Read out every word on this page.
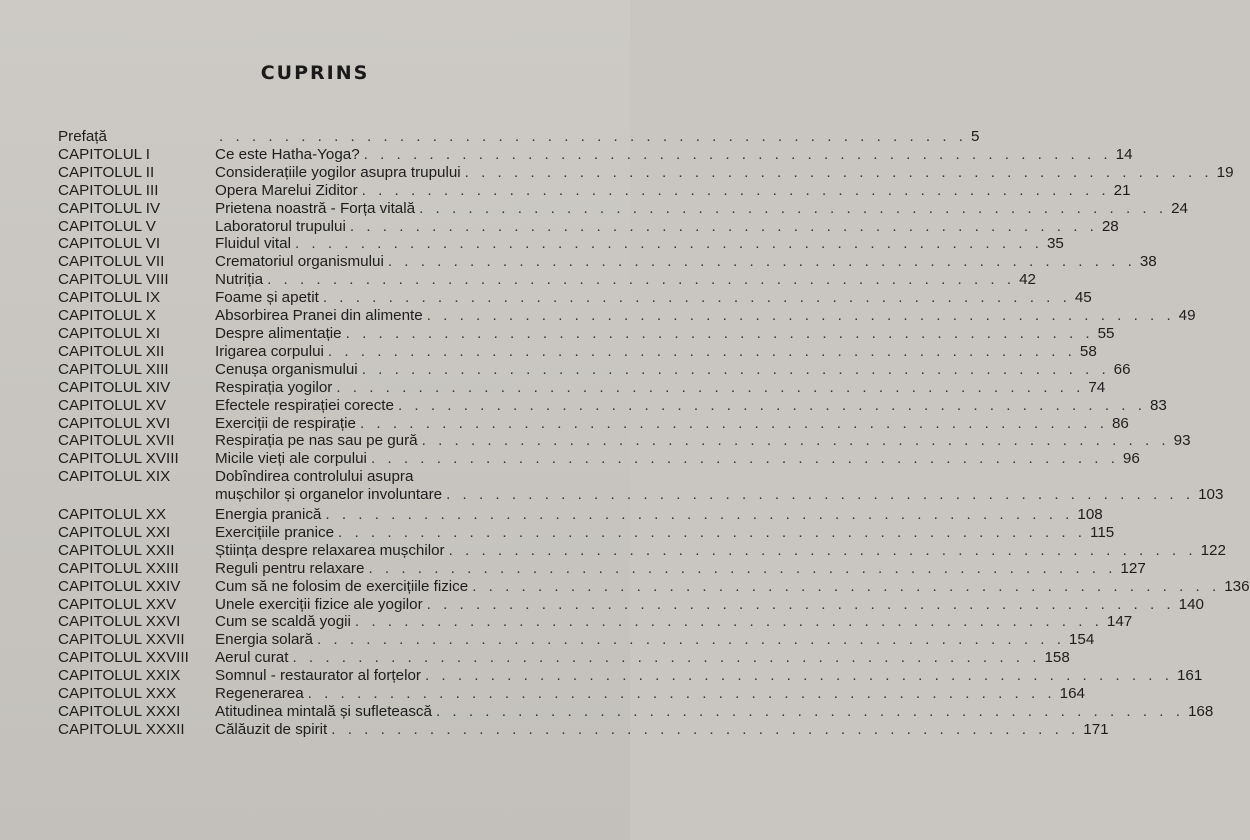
CUPRINS
Prefață	. . . . . . . . . . . . . . . . . . . . . . . . . . . . . . . . . . . . . . . . . . . . . . 5
CAPITOLUL I	Ce este Hatha-Yoga? . . . . . . . . . . . . . . . . . . . . . . . . . . . . . . . . . . . . . . . . . . . . . . 14
CAPITOLUL II	Considerațiile yogilor asupra trupului . . . . . . . . . . . . . . . . . . . . . . . . . . . . . . . . . . . . . . . . . . . . . . 19
CAPITOLUL III	Opera Marelui Ziditor . . . . . . . . . . . . . . . . . . . . . . . . . . . . . . . . . . . . . . . . . . . . . . 21
CAPITOLUL IV	Prietena noastră - Forța vitală . . . . . . . . . . . . . . . . . . . . . . . . . . . . . . . . . . . . . . . . . . . . . . 24
CAPITOLUL V	Laboratorul trupului . . . . . . . . . . . . . . . . . . . . . . . . . . . . . . . . . . . . . . . . . . . . . . 28
CAPITOLUL VI	Fluidul vital . . . . . . . . . . . . . . . . . . . . . . . . . . . . . . . . . . . . . . . . . . . . . . 35
CAPITOLUL VII	Crematoriul organismului . . . . . . . . . . . . . . . . . . . . . . . . . . . . . . . . . . . . . . . . . . . . . . 38
CAPITOLUL VIII	Nutriția . . . . . . . . . . . . . . . . . . . . . . . . . . . . . . . . . . . . . . . . . . . . . . 42
CAPITOLUL IX	Foame și apetit . . . . . . . . . . . . . . . . . . . . . . . . . . . . . . . . . . . . . . . . . . . . . . 45
CAPITOLUL X	Absorbirea Pranei din alimente . . . . . . . . . . . . . . . . . . . . . . . . . . . . . . . . . . . . . . . . . . . . . . 49
CAPITOLUL XI	Despre alimentație . . . . . . . . . . . . . . . . . . . . . . . . . . . . . . . . . . . . . . . . . . . . . . 55
CAPITOLUL XII	Irigarea corpului . . . . . . . . . . . . . . . . . . . . . . . . . . . . . . . . . . . . . . . . . . . . . . 58
CAPITOLUL XIII	Cenușa organismului . . . . . . . . . . . . . . . . . . . . . . . . . . . . . . . . . . . . . . . . . . . . . . 66
CAPITOLUL XIV	Respirația yogilor . . . . . . . . . . . . . . . . . . . . . . . . . . . . . . . . . . . . . . . . . . . . . . 74
CAPITOLUL XV	Efectele respirației corecte . . . . . . . . . . . . . . . . . . . . . . . . . . . . . . . . . . . . . . . . . . . . . . 83
CAPITOLUL XVI	Exerciții de respirație . . . . . . . . . . . . . . . . . . . . . . . . . . . . . . . . . . . . . . . . . . . . . . 86
CAPITOLUL XVII	Respirația pe nas sau pe gură . . . . . . . . . . . . . . . . . . . . . . . . . . . . . . . . . . . . . . . . . . . . . . 93
CAPITOLUL XVIII	Micile vieți ale corpului . . . . . . . . . . . . . . . . . . . . . . . . . . . . . . . . . . . . . . . . . . . . . . 96
CAPITOLUL XIX	Dobîndirea controlului asupra
mușchilor și organelor involuntare . . . . . . . . . . . . . . . . . . . . . . . . . . . . . . . . . . . . . . . . . . . . . . 103
CAPITOLUL XX	Energia pranică . . . . . . . . . . . . . . . . . . . . . . . . . . . . . . . . . . . . . . . . . . . . . . 108
CAPITOLUL XXI	Exercițiile pranice . . . . . . . . . . . . . . . . . . . . . . . . . . . . . . . . . . . . . . . . . . . . . . 115
CAPITOLUL XXII	Știința despre relaxarea mușchilor . . . . . . . . . . . . . . . . . . . . . . . . . . . . . . . . . . . . . . . . . . . . . . 122
CAPITOLUL XXIII	Reguli pentru relaxare . . . . . . . . . . . . . . . . . . . . . . . . . . . . . . . . . . . . . . . . . . . . . . 127
CAPITOLUL XXIV	Cum să ne folosim de exercițiile fizice . . . . . . . . . . . . . . . . . . . . . . . . . . . . . . . . . . . . . . . . . . . . . . 136
CAPITOLUL XXV	Unele exerciții fizice ale yogilor . . . . . . . . . . . . . . . . . . . . . . . . . . . . . . . . . . . . . . . . . . . . . . 140
CAPITOLUL XXVI	Cum se scaldă yogii . . . . . . . . . . . . . . . . . . . . . . . . . . . . . . . . . . . . . . . . . . . . . . 147
CAPITOLUL XXVII	Energia solară . . . . . . . . . . . . . . . . . . . . . . . . . . . . . . . . . . . . . . . . . . . . . . 154
CAPITOLUL XXVIII	Aerul curat . . . . . . . . . . . . . . . . . . . . . . . . . . . . . . . . . . . . . . . . . . . . . . 158
CAPITOLUL XXIX	Somnul - restaurator al forțelor . . . . . . . . . . . . . . . . . . . . . . . . . . . . . . . . . . . . . . . . . . . . . . 161
CAPITOLUL XXX	Regenerarea . . . . . . . . . . . . . . . . . . . . . . . . . . . . . . . . . . . . . . . . . . . . . . 164
CAPITOLUL XXXI	Atitudinea mintală și sufletească . . . . . . . . . . . . . . . . . . . . . . . . . . . . . . . . . . . . . . . . . . . . . . 168
CAPITOLUL XXXII	Călăuzit de spirit . . . . . . . . . . . . . . . . . . . . . . . . . . . . . . . . . . . . . . . . . . . . . . 171
